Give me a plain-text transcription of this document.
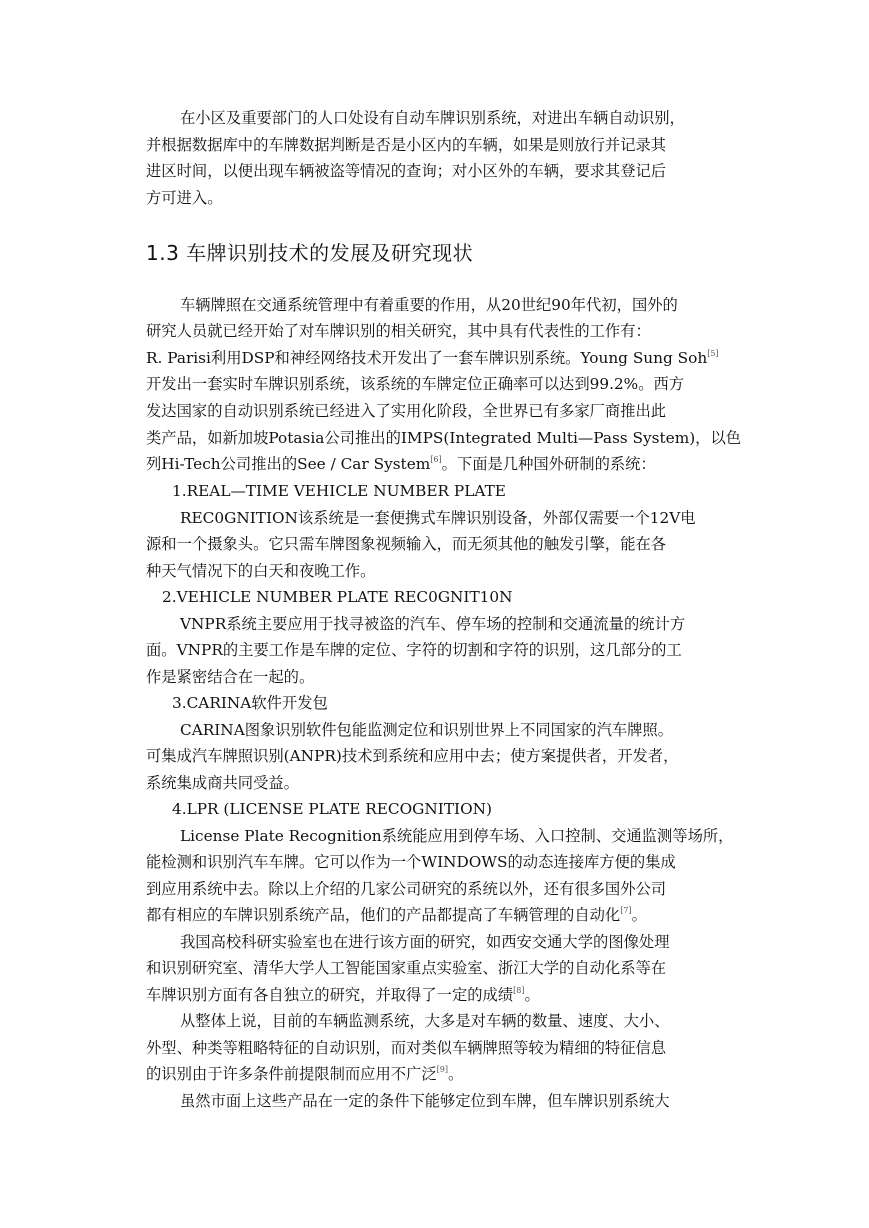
在小区及重要部门的人口处设有自动车牌识别系统，对进出车辆自动识别，
并根据数据库中的车牌数据判断是否是小区内的车辆，如果是则放行并记录其
进区时间，以便出现车辆被盗等情况的查询；对小区外的车辆，要求其登记后
方可进入。
1.3 车牌识别技术的发展及研究现状
车辆牌照在交通系统管理中有着重要的作用，从20世纪90年代初，国外的
研究人员就已经开始了对车牌识别的相关研究，其中具有代表性的工作有：
R. Parisi利用DSP和神经网络技术开发出了一套车牌识别系统。Young Sung Soh[5]
开发出一套实时车牌识别系统，该系统的车牌定位正确率可以达到99.2%。西方
发达国家的自动识别系统已经进入了实用化阶段，全世界已有多家厂商推出此
类产品，如新加坡Potasia公司推出的IMPS(Integrated Multi—Pass System)，以色
列Hi-Tech公司推出的See / Car System[6]。下面是几种国外研制的系统：
1.REAL—TIME VEHICLE NUMBER PLATE
REC0GNITION该系统是一套便携式车牌识别设备，外部仅需要一个12V电
源和一个摄象头。它只需车牌图象视频输入，而无须其他的触发引擎，能在各
种天气情况下的白天和夜晚工作。
2.VEHICLE NUMBER PLATE REC0GNIT10N
VNPR系统主要应用于找寻被盗的汽车、停车场的控制和交通流量的统计方
面。VNPR的主要工作是车牌的定位、字符的切割和字符的识别，这几部分的工
作是紧密结合在一起的。
3.CARINA软件开发包
CARINA图象识别软件包能监测定位和识别世界上不同国家的汽车牌照。
可集成汽车牌照识别(ANPR)技术到系统和应用中去；使方案提供者，开发者，
系统集成商共同受益。
4.LPR (LICENSE PLATE RECOGNITION)
License Plate Recognition系统能应用到停车场、入口控制、交通监测等场所，
能检测和识别汽车车牌。它可以作为一个WINDOWS的动态连接库方便的集成
到应用系统中去。除以上介绍的几家公司研究的系统以外，还有很多国外公司
都有相应的车牌识别系统产品，他们的产品都提高了车辆管理的自动化[7]。
我国高校科研实验室也在进行该方面的研究，如西安交通大学的图像处理
和识别研究室、清华大学人工智能国家重点实验室、浙江大学的自动化系等在
车牌识别方面有各自独立的研究，并取得了一定的成绩[8]。
从整体上说，目前的车辆监测系统，大多是对车辆的数量、速度、大小、
外型、种类等粗略特征的自动识别，而对类似车辆牌照等较为精细的特征信息
的识别由于许多条件前提限制而应用不广泛[9]。
虽然市面上这些产品在一定的条件下能够定位到车牌，但车牌识别系统大
